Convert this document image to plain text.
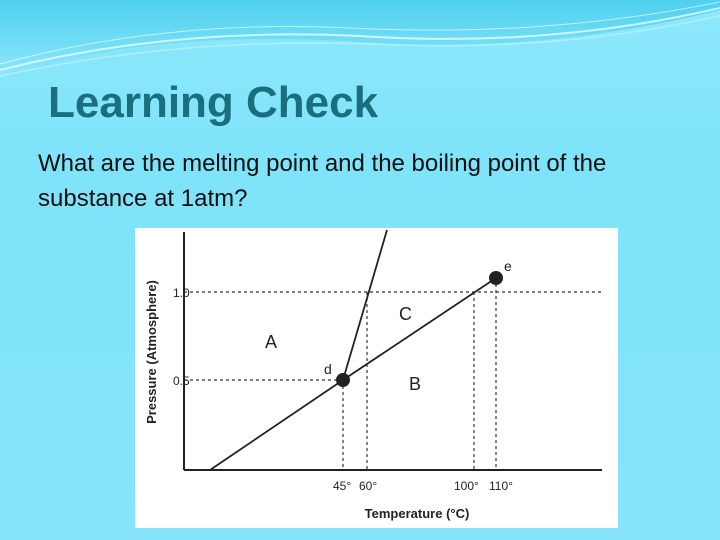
Learning Check

What are the melting point and the boiling point of the substance at 1atm?

Pressure (Atmosphere)
Temperature (°C)
1.0
0.5
45° 60°	100° 110°
A
B
C
d
e
